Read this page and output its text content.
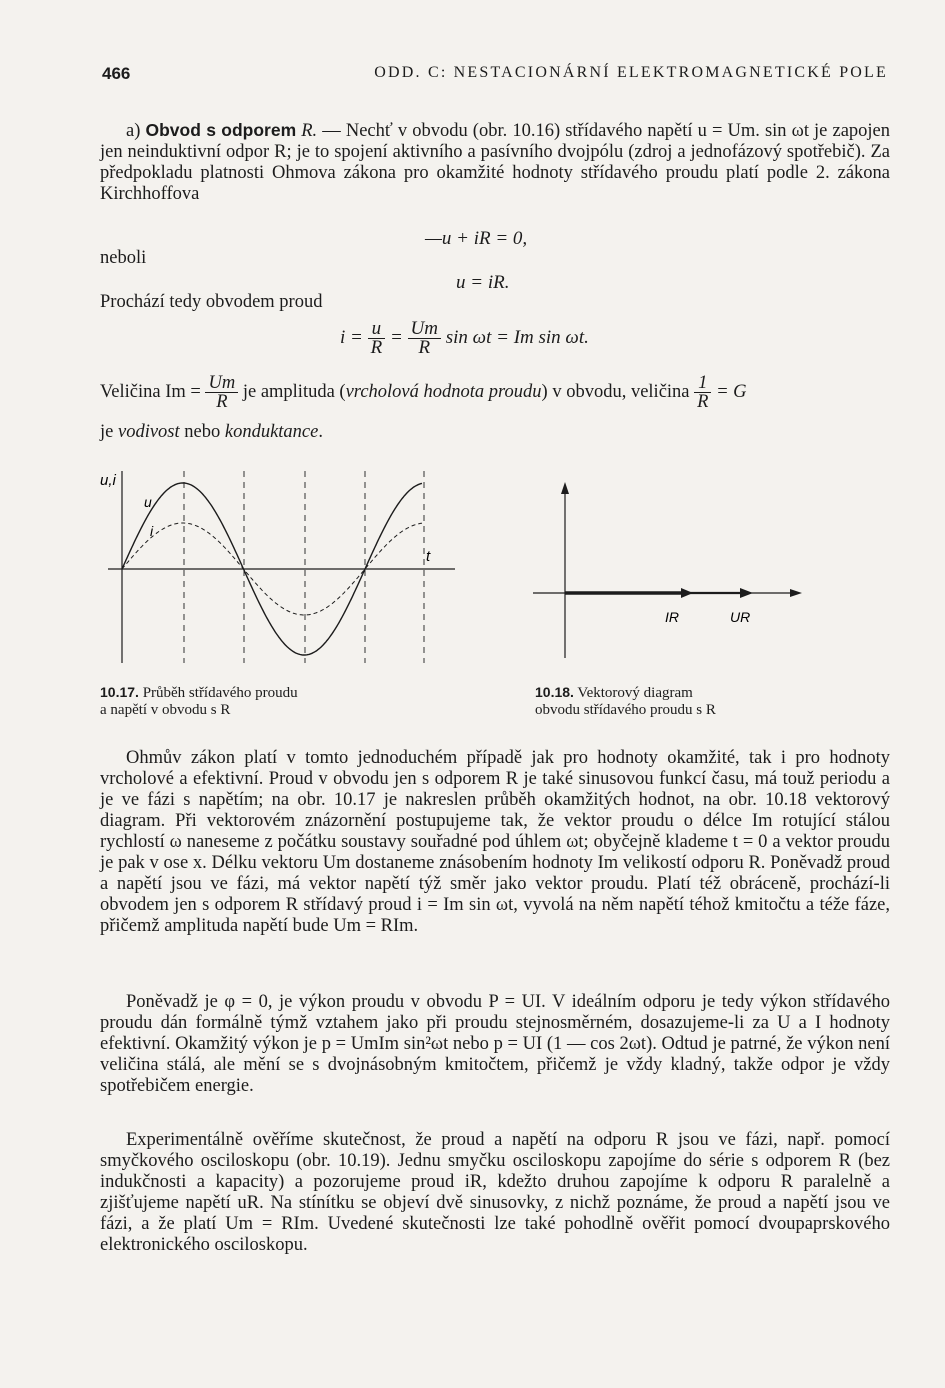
466	ODD. C: NESTACIONÁRNÍ ELEKTROMAGNETICKÉ POLE

a) Obvod s odporem R. — Nechť v obvodu (obr. 10.16) střídavého napětí u = Um. sin ωt je zapojen jen neinduktivní odpor R; je to spojení aktivního a pasívního dvojpólu (zdroj a jednofázový spotřebič). Za předpokladu platnosti Ohmova zákona pro okamžité hodnoty střídavého proudu platí podle 2. zákona Kirchhoffova

—u + iR = 0,
neboli
u = iR.
Prochází tedy obvodem proud
$i = \frac{u}{R} = \frac{Um}{R}$ sin ωt = Im sin ωt.
Veličina $Im = \frac{Um}{R}$ je amplituda (vrcholová hodnota proudu) v obvodu, veličina $\frac{1}{R} = G$
je vodivost nebo konduktance.
u,i
u
i
t
IR	UR
10.17. Průběh střídavého proudu
a napětí v obvodu s R
10.18. Vektorový diagram
obvodu střídavého proudu s R

Ohmův zákon platí v tomto jednoduchém případě jak pro hodnoty okamžité, tak i pro hodnoty vrcholové a efektivní. Proud v obvodu jen s odporem R je také sinusovou funkcí času, má touž periodu a je ve fázi s napětím; na obr. 10.17 je nakreslen průběh okamžitých hodnot, na obr. 10.18 vektorový diagram. Při vektorovém znázornění postupujeme tak, že vektor proudu o délce Im rotující stálou rychlostí ω naneseme z počátku soustavy souřadné pod úhlem ωt; obyčejně klademe t = 0 a vektor proudu je pak v ose x. Délku vektoru Um dostaneme znásobením hodnoty Im velikostí odporu R. Poněvadž proud a napětí jsou ve fázi, má vektor napětí týž směr jako vektor proudu. Platí též obráceně, prochází-li obvodem jen s odporem R střídavý proud i = Im sin ωt, vyvolá na něm napětí téhož kmitočtu a téže fáze, přičemž amplituda napětí bude Um = RIm.

Poněvadž je φ = 0, je výkon proudu v obvodu P = UI. V ideálním odporu je tedy výkon střídavého proudu dán formálně týmž vztahem jako při proudu stejnosměrném, dosazujeme-li za U a I hodnoty efektivní. Okamžitý výkon je p = UmIm sin²ωt nebo p = UI (1 — cos 2ωt). Odtud je patrné, že výkon není veličina stálá, ale mění se s dvojnásobným kmitočtem, přičemž je vždy kladný, takže odpor je vždy spotřebičem energie.

Experimentálně ověříme skutečnost, že proud a napětí na odporu R jsou ve fázi, např. pomocí smyčkového osciloskopu (obr. 10.19). Jednu smyčku osciloskopu zapojíme do série s odporem R (bez indukčnosti a kapacity) a pozorujeme proud iR, kdežto druhou zapojíme k odporu R paralelně a zjišťujeme napětí uR. Na stínítku se objeví dvě sinusovky, z nichž poznáme, že proud a napětí jsou ve fázi, a že platí Um = RIm. Uvedené skutečnosti lze také pohodlně ověřit pomocí dvoupaprskového elektronického osciloskopu.
